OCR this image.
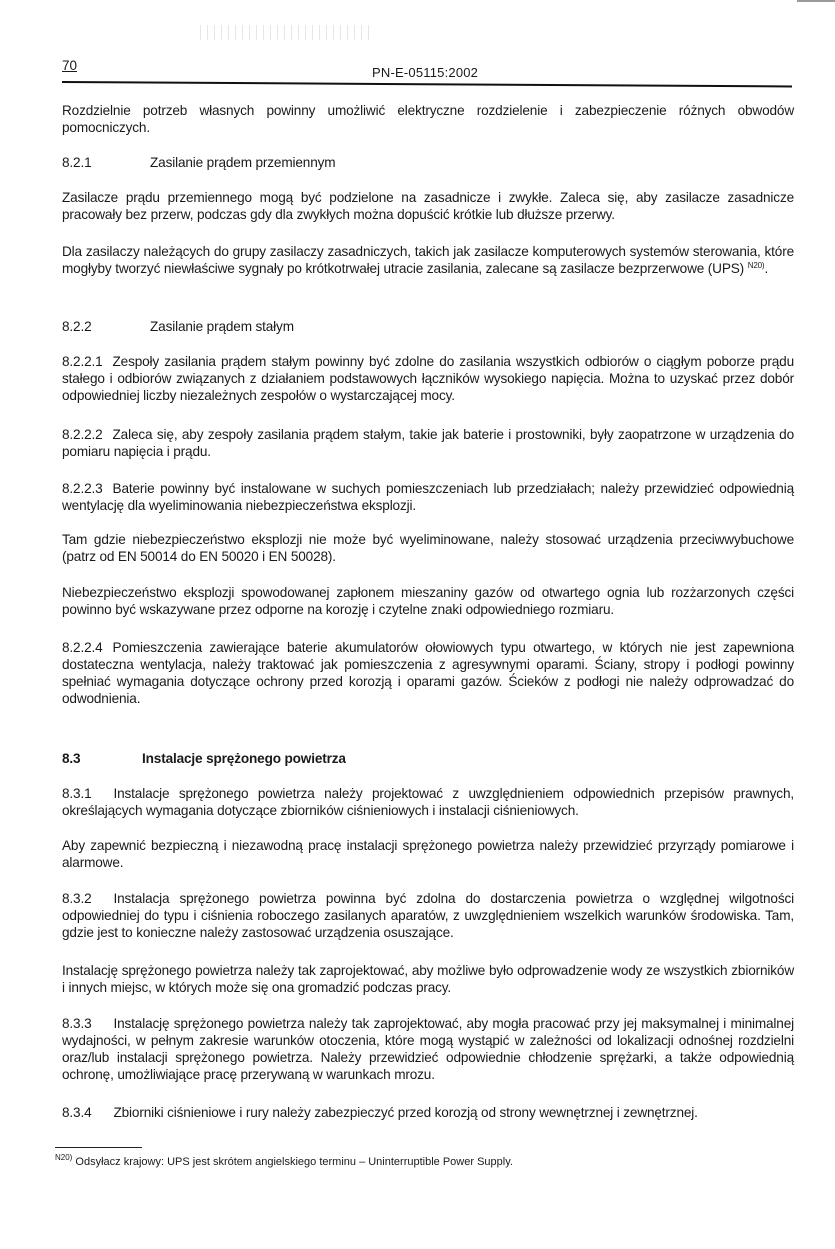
70	PN-E-05115:2002

Rozdzielnie potrzeb własnych powinny umożliwić elektryczne rozdzielenie i zabezpieczenie różnych obwodów pomocniczych.

8.2.1	Zasilanie prądem przemiennym

Zasilacze prądu przemiennego mogą być podzielone na zasadnicze i zwykłe. Zaleca się, aby zasilacze zasadnicze pracowały bez przerw, podczas gdy dla zwykłych można dopuścić krótkie lub dłuższe przerwy.

Dla zasilaczy należących do grupy zasilaczy zasadniczych, takich jak zasilacze komputerowych systemów sterowania, które mogłyby tworzyć niewłaściwe sygnały po krótkotrwałej utracie zasilania, zalecane są zasilacze bezprzerwowe (UPS) $^{N20)}$.

8.2.2	Zasilanie prądem stałym

8.2.2.1 Zespoły zasilania prądem stałym powinny być zdolne do zasilania wszystkich odbiorów o ciągłym poborze prądu stałego i odbiorów związanych z działaniem podstawowych łączników wysokiego napięcia. Można to uzyskać przez dobór odpowiedniej liczby niezależnych zespołów o wystarczającej mocy.

8.2.2.2 Zaleca się, aby zespoły zasilania prądem stałym, takie jak baterie i prostowniki, były zaopatrzone w urządzenia do pomiaru napięcia i prądu.

8.2.2.3 Baterie powinny być instalowane w suchych pomieszczeniach lub przedziałach; należy przewidzieć odpowiednią wentylację dla wyeliminowania niebezpieczeństwa eksplozji.

Tam gdzie niebezpieczeństwo eksplozji nie może być wyeliminowane, należy stosować urządzenia przeciwwybuchowe (patrz od EN 50014 do EN 50020 i EN 50028).

Niebezpieczeństwo eksplozji spowodowanej zapłonem mieszaniny gazów od otwartego ognia lub rozżarzonych części powinno być wskazywane przez odporne na korozję i czytelne znaki odpowiedniego rozmiaru.

8.2.2.4 Pomieszczenia zawierające baterie akumulatorów ołowiowych typu otwartego, w których nie jest zapewniona dostateczna wentylacja, należy traktować jak pomieszczenia z agresywnymi oparami. Ściany, stropy i podłogi powinny spełniać wymagania dotyczące ochrony przed korozją i oparami gazów. Ścieków z podłogi nie należy odprowadzać do odwodnienia.

8.3	Instalacje sprężonego powietrza

8.3.1 Instalacje sprężonego powietrza należy projektować z uwzględnieniem odpowiednich przepisów prawnych, określających wymagania dotyczące zbiorników ciśnieniowych i instalacji ciśnieniowych.

Aby zapewnić bezpieczną i niezawodną pracę instalacji sprężonego powietrza należy przewidzieć przyrządy pomiarowe i alarmowe.

8.3.2 Instalacja sprężonego powietrza powinna być zdolna do dostarczenia powietrza o względnej wilgotności odpowiedniej do typu i ciśnienia roboczego zasilanych aparatów, z uwzględnieniem wszelkich warunków środowiska. Tam, gdzie jest to konieczne należy zastosować urządzenia osuszające.

Instalację sprężonego powietrza należy tak zaprojektować, aby możliwe było odprowadzenie wody ze wszystkich zbiorników i innych miejsc, w których może się ona gromadzić podczas pracy.

8.3.3 Instalację sprężonego powietrza należy tak zaprojektować, aby mogła pracować przy jej maksymalnej i minimalnej wydajności, w pełnym zakresie warunków otoczenia, które mogą wystąpić w zależności od lokalizacji odnośnej rozdzielni oraz/lub instalacji sprężonego powietrza. Należy przewidzieć odpowiednie chłodzenie sprężarki, a także odpowiednią ochronę, umożliwiające pracę przerywaną w warunkach mrozu.

8.3.4 Zbiorniki ciśnieniowe i rury należy zabezpieczyć przed korozją od strony wewnętrznej i zewnętrznej.

$^{N20)}$ Odsyłacz krajowy: UPS jest skrótem angielskiego terminu – Uninterruptible Power Supply.
